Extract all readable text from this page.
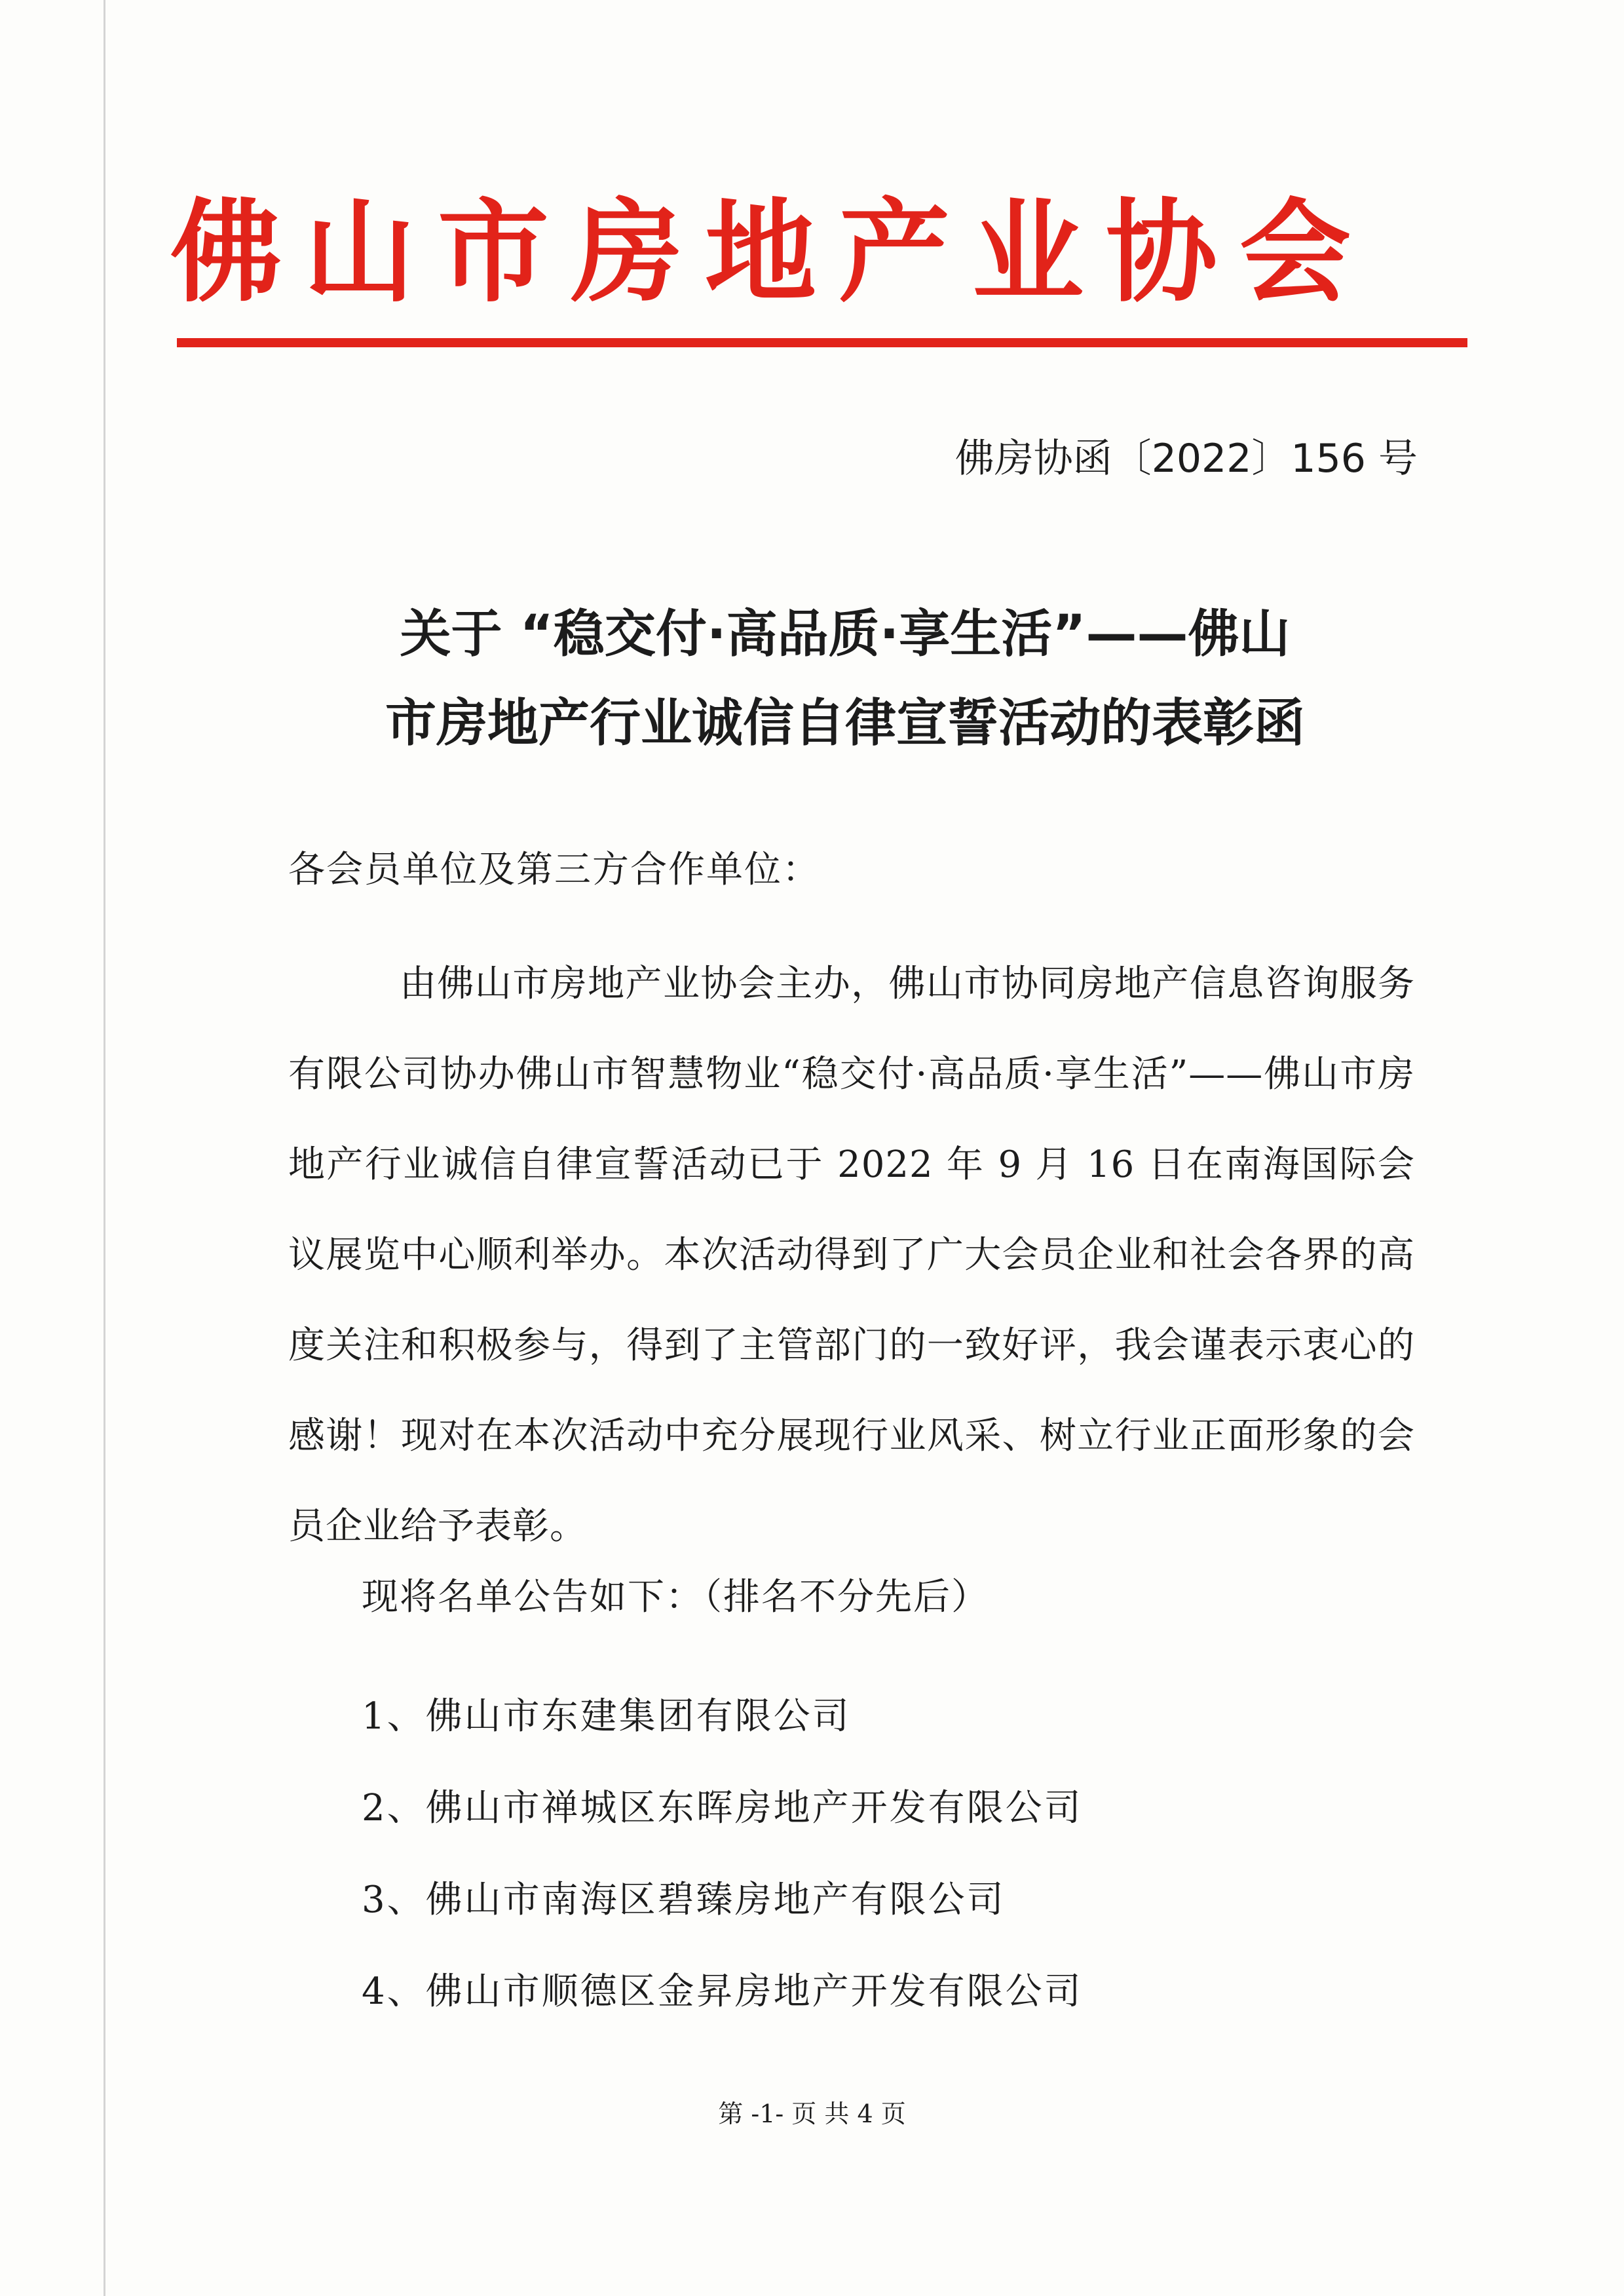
佛山市房地产业协会
佛房协函〔2022〕156 号
关于 “稳交付·高品质·享生活”——佛山
市房地产行业诚信自律宣誓活动的表彰函
各会员单位及第三方合作单位：
由佛山市房地产业协会主办，佛山市协同房地产信息咨询服务有限公司协办佛山市智慧物业“稳交付·高品质·享生活”——佛山市房地产行业诚信自律宣誓活动已于 2022 年 9 月 16 日在南海国际会议展览中心顺利举办。本次活动得到了广大会员企业和社会各界的高度关注和积极参与，得到了主管部门的一致好评，我会谨表示衷心的感谢！现对在本次活动中充分展现行业风采、树立行业正面形象的会员企业给予表彰。
现将名单公告如下：（排名不分先后）
1、佛山市东建集团有限公司
2、佛山市禅城区东晖房地产开发有限公司
3、佛山市南海区碧臻房地产有限公司
4、佛山市顺德区金昇房地产开发有限公司
第 -1- 页 共 4 页
